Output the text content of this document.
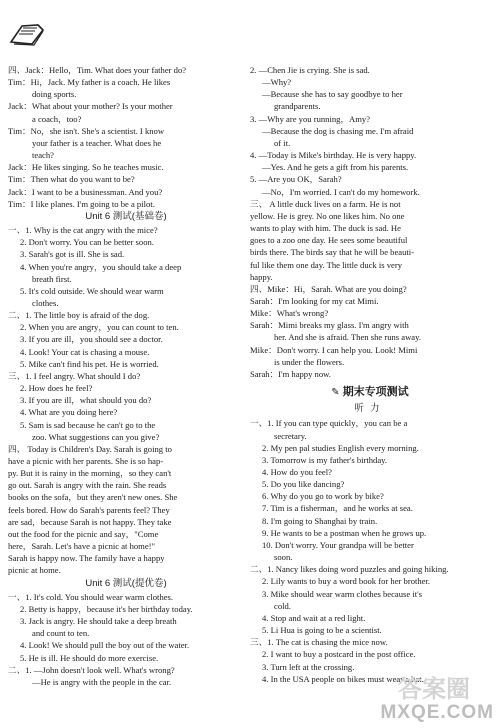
四、Jack：Hello，Tim. What does your father do?
Tim：Hi，Jack. My father is a coach. He likes
doing sports.
Jack：What about your mother? Is your mother
a coach，too?
Tim：No，she isn't. She's a scientist. I know
your father is a teacher. What does he
teach?
Jack：He likes singing. So he teaches music.
Tim：Then what do you want to be?
Jack：I want to be a businessman. And you?
Tim：I like planes. I'm going to be a pilot.
Unit 6 测试(基础卷)
一、1. Why is the cat angry with the mice?
2. Don't worry. You can be better soon.
3. Sarah's got is ill. She is sad.
4. When you're angry，you should take a deep
breath first.
5. It's cold outside. We should wear warm
clothes.
二、1. The little boy is afraid of the dog.
2. When you are angry，you can count to ten.
3. If you are ill，you should see a doctor.
4. Look! Your cat is chasing a mouse.
5. Mike can't find his pet. He is worried.
三、1. I feel angry. What should I do?
2. How does he feel?
3. If you are ill，what should you do?
4. What are you doing here?
5. Sam is sad because he can't go to the
zoo. What suggestions can you give?
四、 Today is Children's Day. Sarah is going to
have a picnic with her parents. She is so hap-
py. But it is rainy in the morning，so they can't
go out. Sarah is angry with the rain. She reads
books on the sofa，but they aren't new ones. She
feels bored. How do Sarah's parents feel? They
are sad，because Sarah is not happy. They take
out the food for the picnic and say，"Come
here，Sarah. Let's have a picnic at home!"
Sarah is happy now. The family have a happy
picnic at home.
Unit 6 测试(提优卷)
一、1. It's cold. You should wear warm clothes.
2. Betty is happy，because it's her birthday today.
3. Jack is angry. He should take a deep breath
and count to ten.
4. Look! We should pull the boy out of the water.
5. He is ill. He should do more exercise.
二、1. —John doesn't look well. What's wrong?
—He is angry with the people in the car.
2. —Chen Jie is crying. She is sad.
—Why?
—Because she has to say goodbye to her
grandparents.
3. —Why are you running，Amy?
—Because the dog is chasing me. I'm afraid
of it.
4. —Today is Mike's birthday. He is very happy.
—Yes. And he gets a gift from his parents.
5. —Are you OK，Sarah?
—No，I'm worried. I can't do my homework.
三、 A little duck lives on a farm. He is not
yellow. He is grey. No one likes him. No one
wants to play with him. The duck is sad. He
goes to a zoo one day. He sees some beautiful
birds there. The birds say that he will be beauti-
ful like them one day. The little duck is very
happy.
四、Mike：Hi，Sarah. What are you doing?
Sarah：I'm looking for my cat Mimi.
Mike：What's wrong?
Sarah：Mimi breaks my glass. I'm angry with
her. And she is afraid. Then she runs away.
Mike：Don't worry. I can help you. Look! Mimi
is under the flowers.
Sarah：I'm happy now.
✎ 期末专项测试
听力
一、1. If you can type quickly，you can be a
secretary.
2. My pen pal studies English every morning.
3. Tomorrow is my father's birthday.
4. How do you feel?
5. Do you like dancing?
6. Why do you go to work by bike?
7. Tim is a fisherman，and he works at sea.
8. I'm going to Shanghai by train.
9. He wants to be a postman when he grows up.
10. Don't worry. Your grandpa will be better
soon.
二、1. Nancy likes doing word puzzles and going hiking.
2. Lily wants to buy a word book for her brother.
3. Mike should wear warm clothes because it's
cold.
4. Stop and wait at a red light.
5. Li Hua is going to be a scientist.
三、1. The cat is chasing the mice now.
2. I want to buy a postcard in the post office.
3. Turn left at the crossing.
4. In the USA people on bikes must wear a hat.
答案圈
MXQE.COM
